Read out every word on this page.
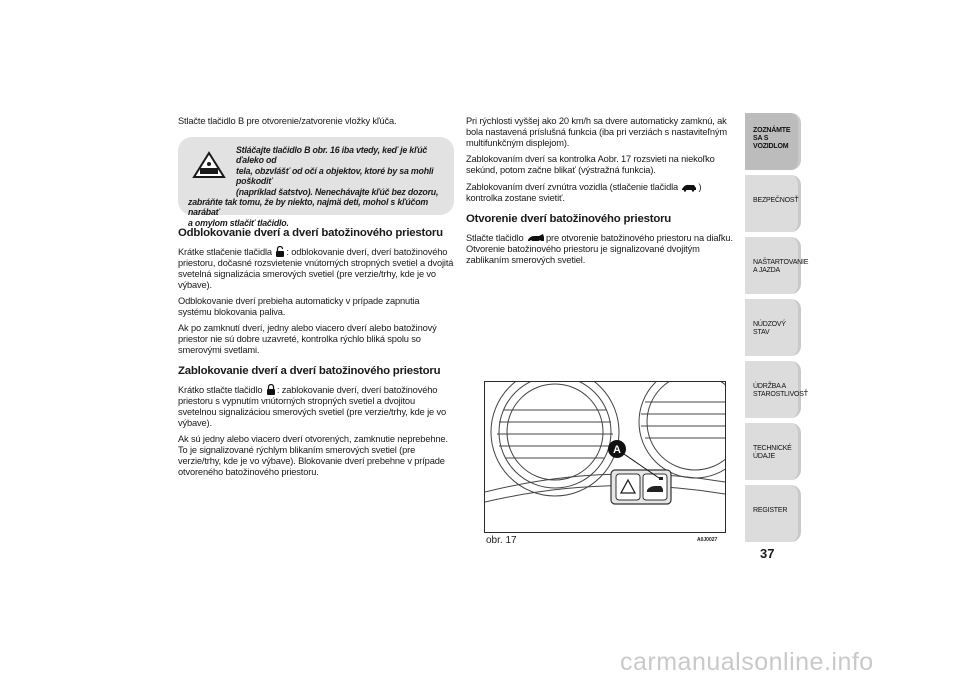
Stlačte tlačidlo B pre otvorenie/zatvorenie vložky kľúča.

Stláčajte tlačidlo B obr. 16 iba vtedy, keď je kľúč ďaleko od
tela, obzvlášť od očí a objektov, ktoré by sa mohli poškodiť
(napríklad šatstvo). Nenechávajte kľúč bez dozoru,
zabráňte tak tomu, že by niekto, najmä deti, mohol s kľúčom narábať
a omylom stlačiť tlačidlo.
Odblokovanie dverí a dverí batožinového priestoru

Krátke stlačenie tlačidla : odblokovanie dverí, dverí batožinového priestoru, dočasné rozsvietenie vnútorných stropných svetiel a dvojitá svetelná signalizácia smerových svetiel (pre verzie/trhy, kde je vo výbave).

Odblokovanie dverí prebieha automaticky v prípade zapnutia systému blokovania paliva.

Ak po zamknutí dverí, jedny alebo viacero dverí alebo batožinový priestor nie sú dobre uzavreté, kontrolka rýchlo bliká spolu so smerovými svetlami.

Zablokovanie dverí a dverí batožinového priestoru

Krátko stlačte tlačidlo : zablokovanie dverí, dverí batožinového priestoru s vypnutím vnútorných stropných svetiel a dvojitou svetelnou signalizáciou smerových svetiel (pre verzie/trhy, kde je vo výbave).

Ak sú jedny alebo viacero dverí otvorených, zamknutie neprebehne. To je signalizované rýchlym blikaním smerových svetiel (pre verzie/trhy, kde je vo výbave). Blokovanie dverí prebehne v prípade otvoreného batožinového priestoru.

Pri rýchlosti vyššej ako 20 km/h sa dvere automaticky zamknú, ak bola nastavená príslušná funkcia (iba pri verziách s nastaviteľným multifunkčným displejom).

Zablokovaním dverí sa kontrolka Aobr. 17 rozsvieti na niekoľko sekúnd, potom začne blikať (výstražná funkcia).

Zablokovaním dverí zvnútra vozidla (stlačenie tlačidla ) kontrolka zostane svietiť.

Otvorenie dverí batožinového priestoru

Stlačte tlačidlo pre otvorenie batožinového priestoru na diaľku. Otvorenie batožinového priestoru je signalizované dvojitým zablikaním smerových svetiel.

A
obr. 17	A0J0027
ZOZNÁMTE SA S VOZIDLOM
BEZPEČNOSŤ
NAŠTARTOVANIE A JAZDA
NÚDZOVÝ STAV
ÚDRŽBA A STAROSTLIVOSŤ
TECHNICKÉ ÚDAJE
REGISTER
37
carmanualsonline.info
